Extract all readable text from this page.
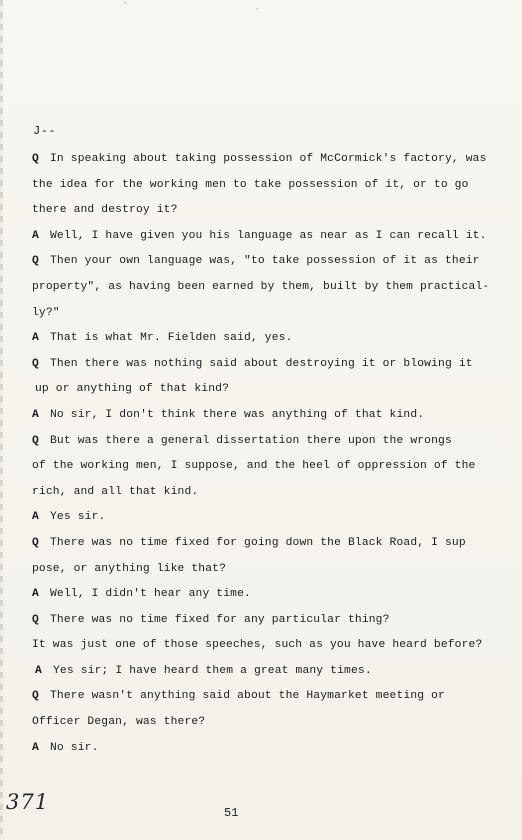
˘	·
J--
Q In speaking about taking possession of McCormick's factory, was
the idea for the working men to take possession of it, or to go
there and destroy it?
A Well, I have given you his language as near as I can recall it.
Q Then your own language was, "to take possession of it as their
property", as having been earned by them, built by them practical-
ly?"
A That is what Mr. Fielden said, yes.
Q Then there was nothing said about destroying it or blowing it
up or anything of that kind?
A No sir, I don't think there was anything of that kind.
Q But was there a general dissertation there upon the wrongs
of the working men, I suppose, and the heel of oppression of the
rich, and all that kind.
A Yes sir.
Q There was no time fixed for going down the Black Road, I sup
pose, or anything like that?
A Well, I didn't hear any time.
Q There was no time fixed for any particular thing?
It was just one of those speeches, such as you have heard before?
A Yes sir; I have heard them a great many times.
Q There wasn't anything said about the Haymarket meeting or
Officer Degan, was there?
A No sir.
371	51
